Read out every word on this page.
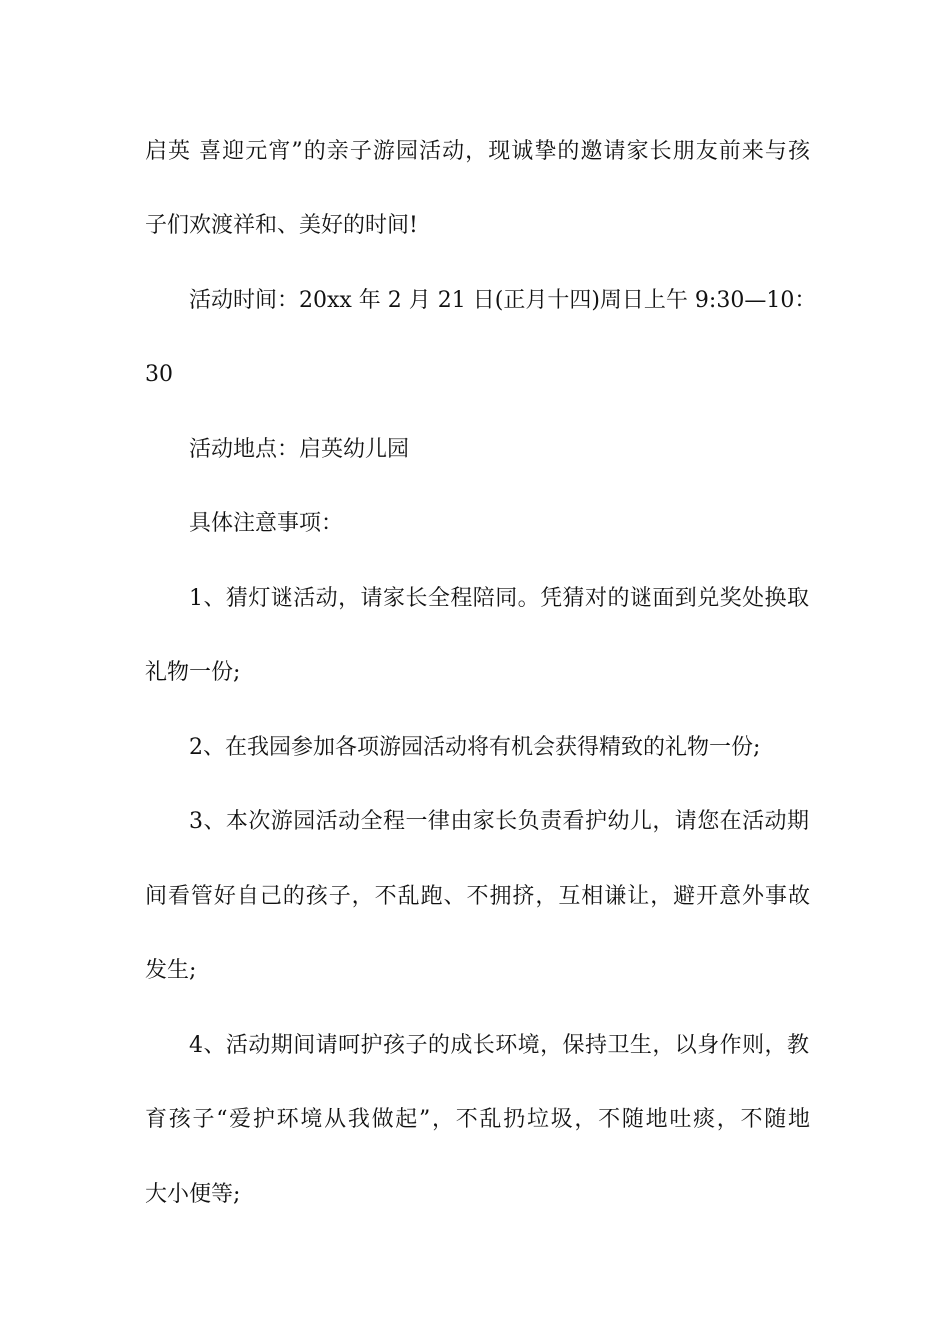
启英 喜迎元宵”的亲子游园活动，现诚挚的邀请家长朋友前来与孩
子们欢渡祥和、美好的时间!
活动时间：20xx 年 2 月 21 日(正月十四)周日上午 9:30—10：
30
活动地点：启英幼儿园
具体注意事项：
1、猜灯谜活动，请家长全程陪同。凭猜对的谜面到兑奖处换取
礼物一份;
2、在我园参加各项游园活动将有机会获得精致的礼物一份;
3、本次游园活动全程一律由家长负责看护幼儿，请您在活动期
间看管好自己的孩子，不乱跑、不拥挤，互相谦让，避开意外事故
发生;
4、活动期间请呵护孩子的成长环境，保持卫生，以身作则，教
育孩子“爱护环境从我做起”，不乱扔垃圾，不随地吐痰，不随地
大小便等;
